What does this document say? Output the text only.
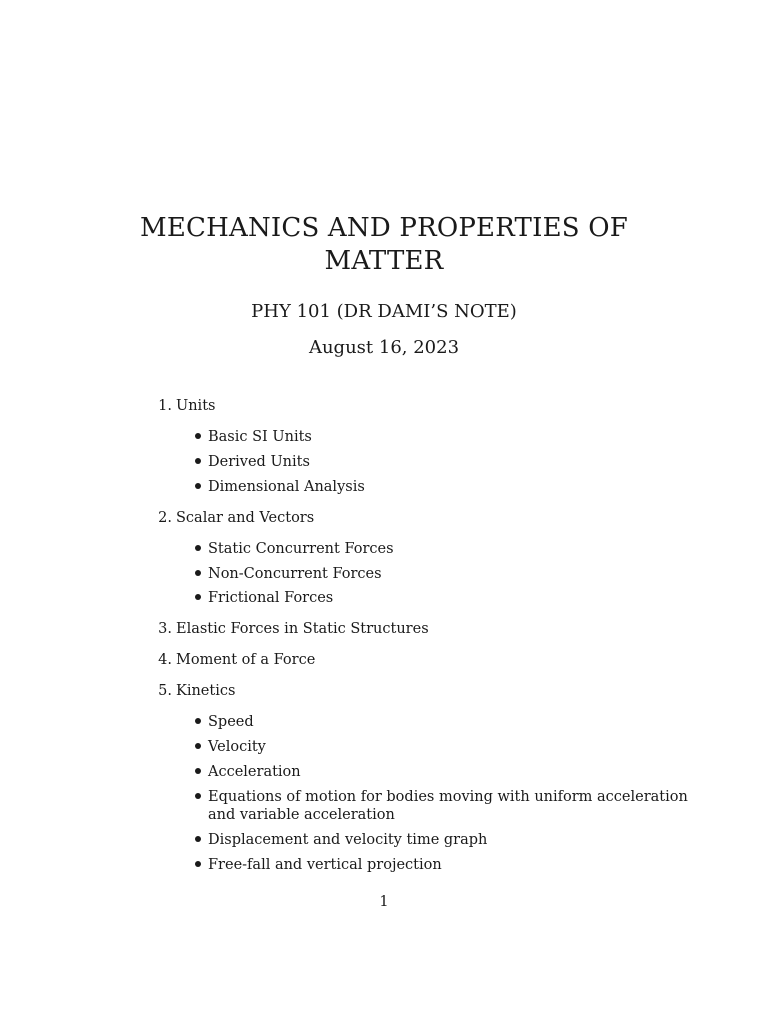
MECHANICS AND PROPERTIES OF
MATTER
PHY 101 (DR DAMI’S NOTE)
August 16, 2023
1. Units
Basic SI Units
Derived Units
Dimensional Analysis
2. Scalar and Vectors
Static Concurrent Forces
Non-Concurrent Forces
Frictional Forces
3. Elastic Forces in Static Structures
4. Moment of a Force
5. Kinetics
Speed
Velocity
Acceleration
Equations of motion for bodies moving with uniform acceleration
and variable acceleration
Displacement and velocity time graph
Free-fall and vertical projection
1
